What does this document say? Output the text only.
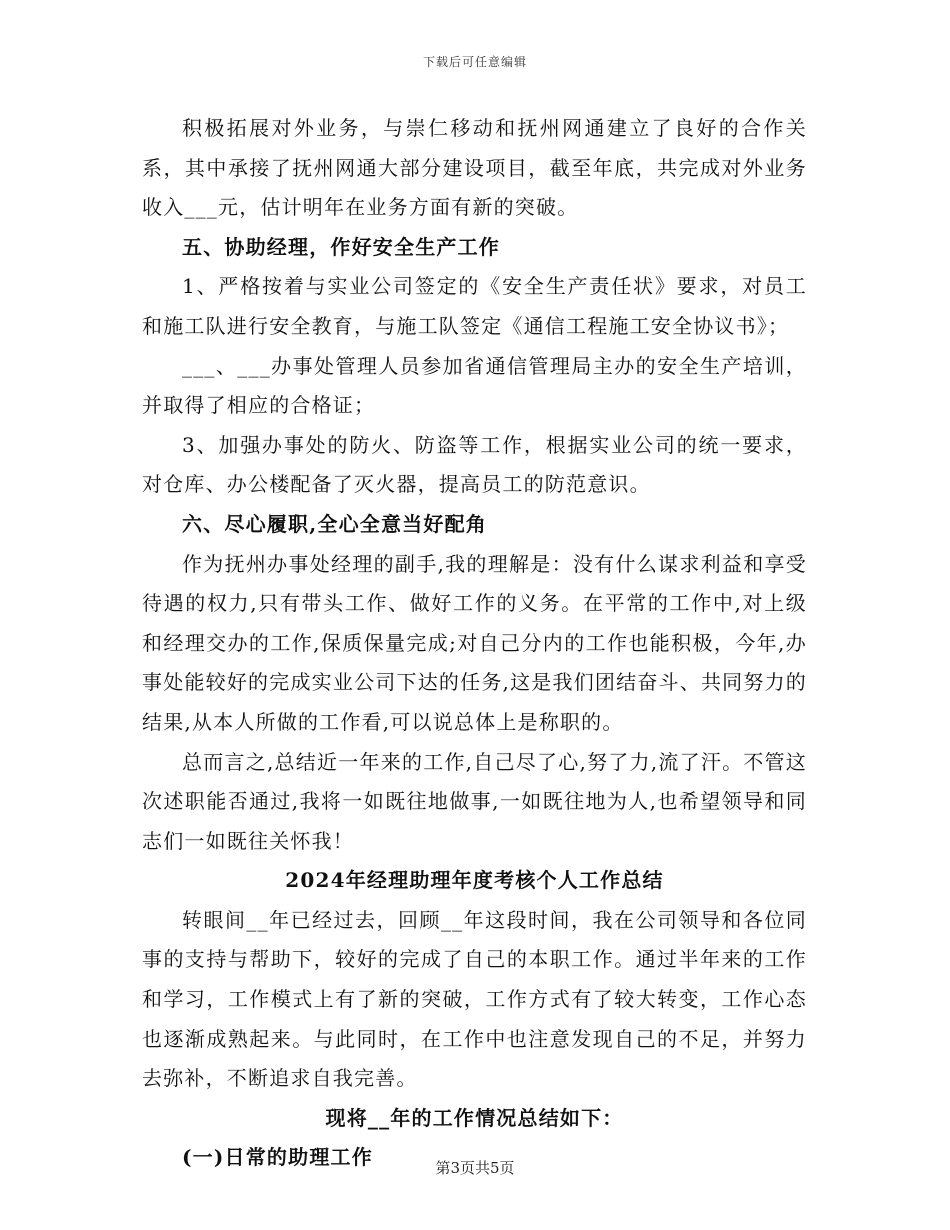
下载后可任意编辑

积极拓展对外业务，与崇仁移动和抚州网通建立了良好的合作关系，其中承接了抚州网通大部分建设项目，截至年底，共完成对外业务收入___元，估计明年在业务方面有新的突破。

五、协助经理，作好安全生产工作

1、严格按着与实业公司签定的《安全生产责任状》要求，对员工和施工队进行安全教育，与施工队签定《通信工程施工安全协议书》；

___、___办事处管理人员参加省通信管理局主办的安全生产培训，并取得了相应的合格证；

3、加强办事处的防火、防盗等工作，根据实业公司的统一要求，对仓库、办公楼配备了灭火器，提高员工的防范意识。

六、尽心履职,全心全意当好配角

作为抚州办事处经理的副手,我的理解是：没有什么谋求利益和享受待遇的权力,只有带头工作、做好工作的义务。在平常的工作中,对上级和经理交办的工作,保质保量完成;对自己分内的工作也能积极，今年,办事处能较好的完成实业公司下达的任务,这是我们团结奋斗、共同努力的结果,从本人所做的工作看,可以说总体上是称职的。

总而言之,总结近一年来的工作,自己尽了心,努了力,流了汗。不管这次述职能否通过,我将一如既往地做事,一如既往地为人,也希望领导和同志们一如既往关怀我！

2024年经理助理年度考核个人工作总结

转眼间__年已经过去，回顾__年这段时间，我在公司领导和各位同事的支持与帮助下，较好的完成了自己的本职工作。通过半年来的工作和学习，工作模式上有了新的突破，工作方式有了较大转变，工作心态也逐渐成熟起来。与此同时，在工作中也注意发现自己的不足，并努力去弥补，不断追求自我完善。

现将__年的工作情况总结如下：
(一)日常的助理工作	第3页共5页
